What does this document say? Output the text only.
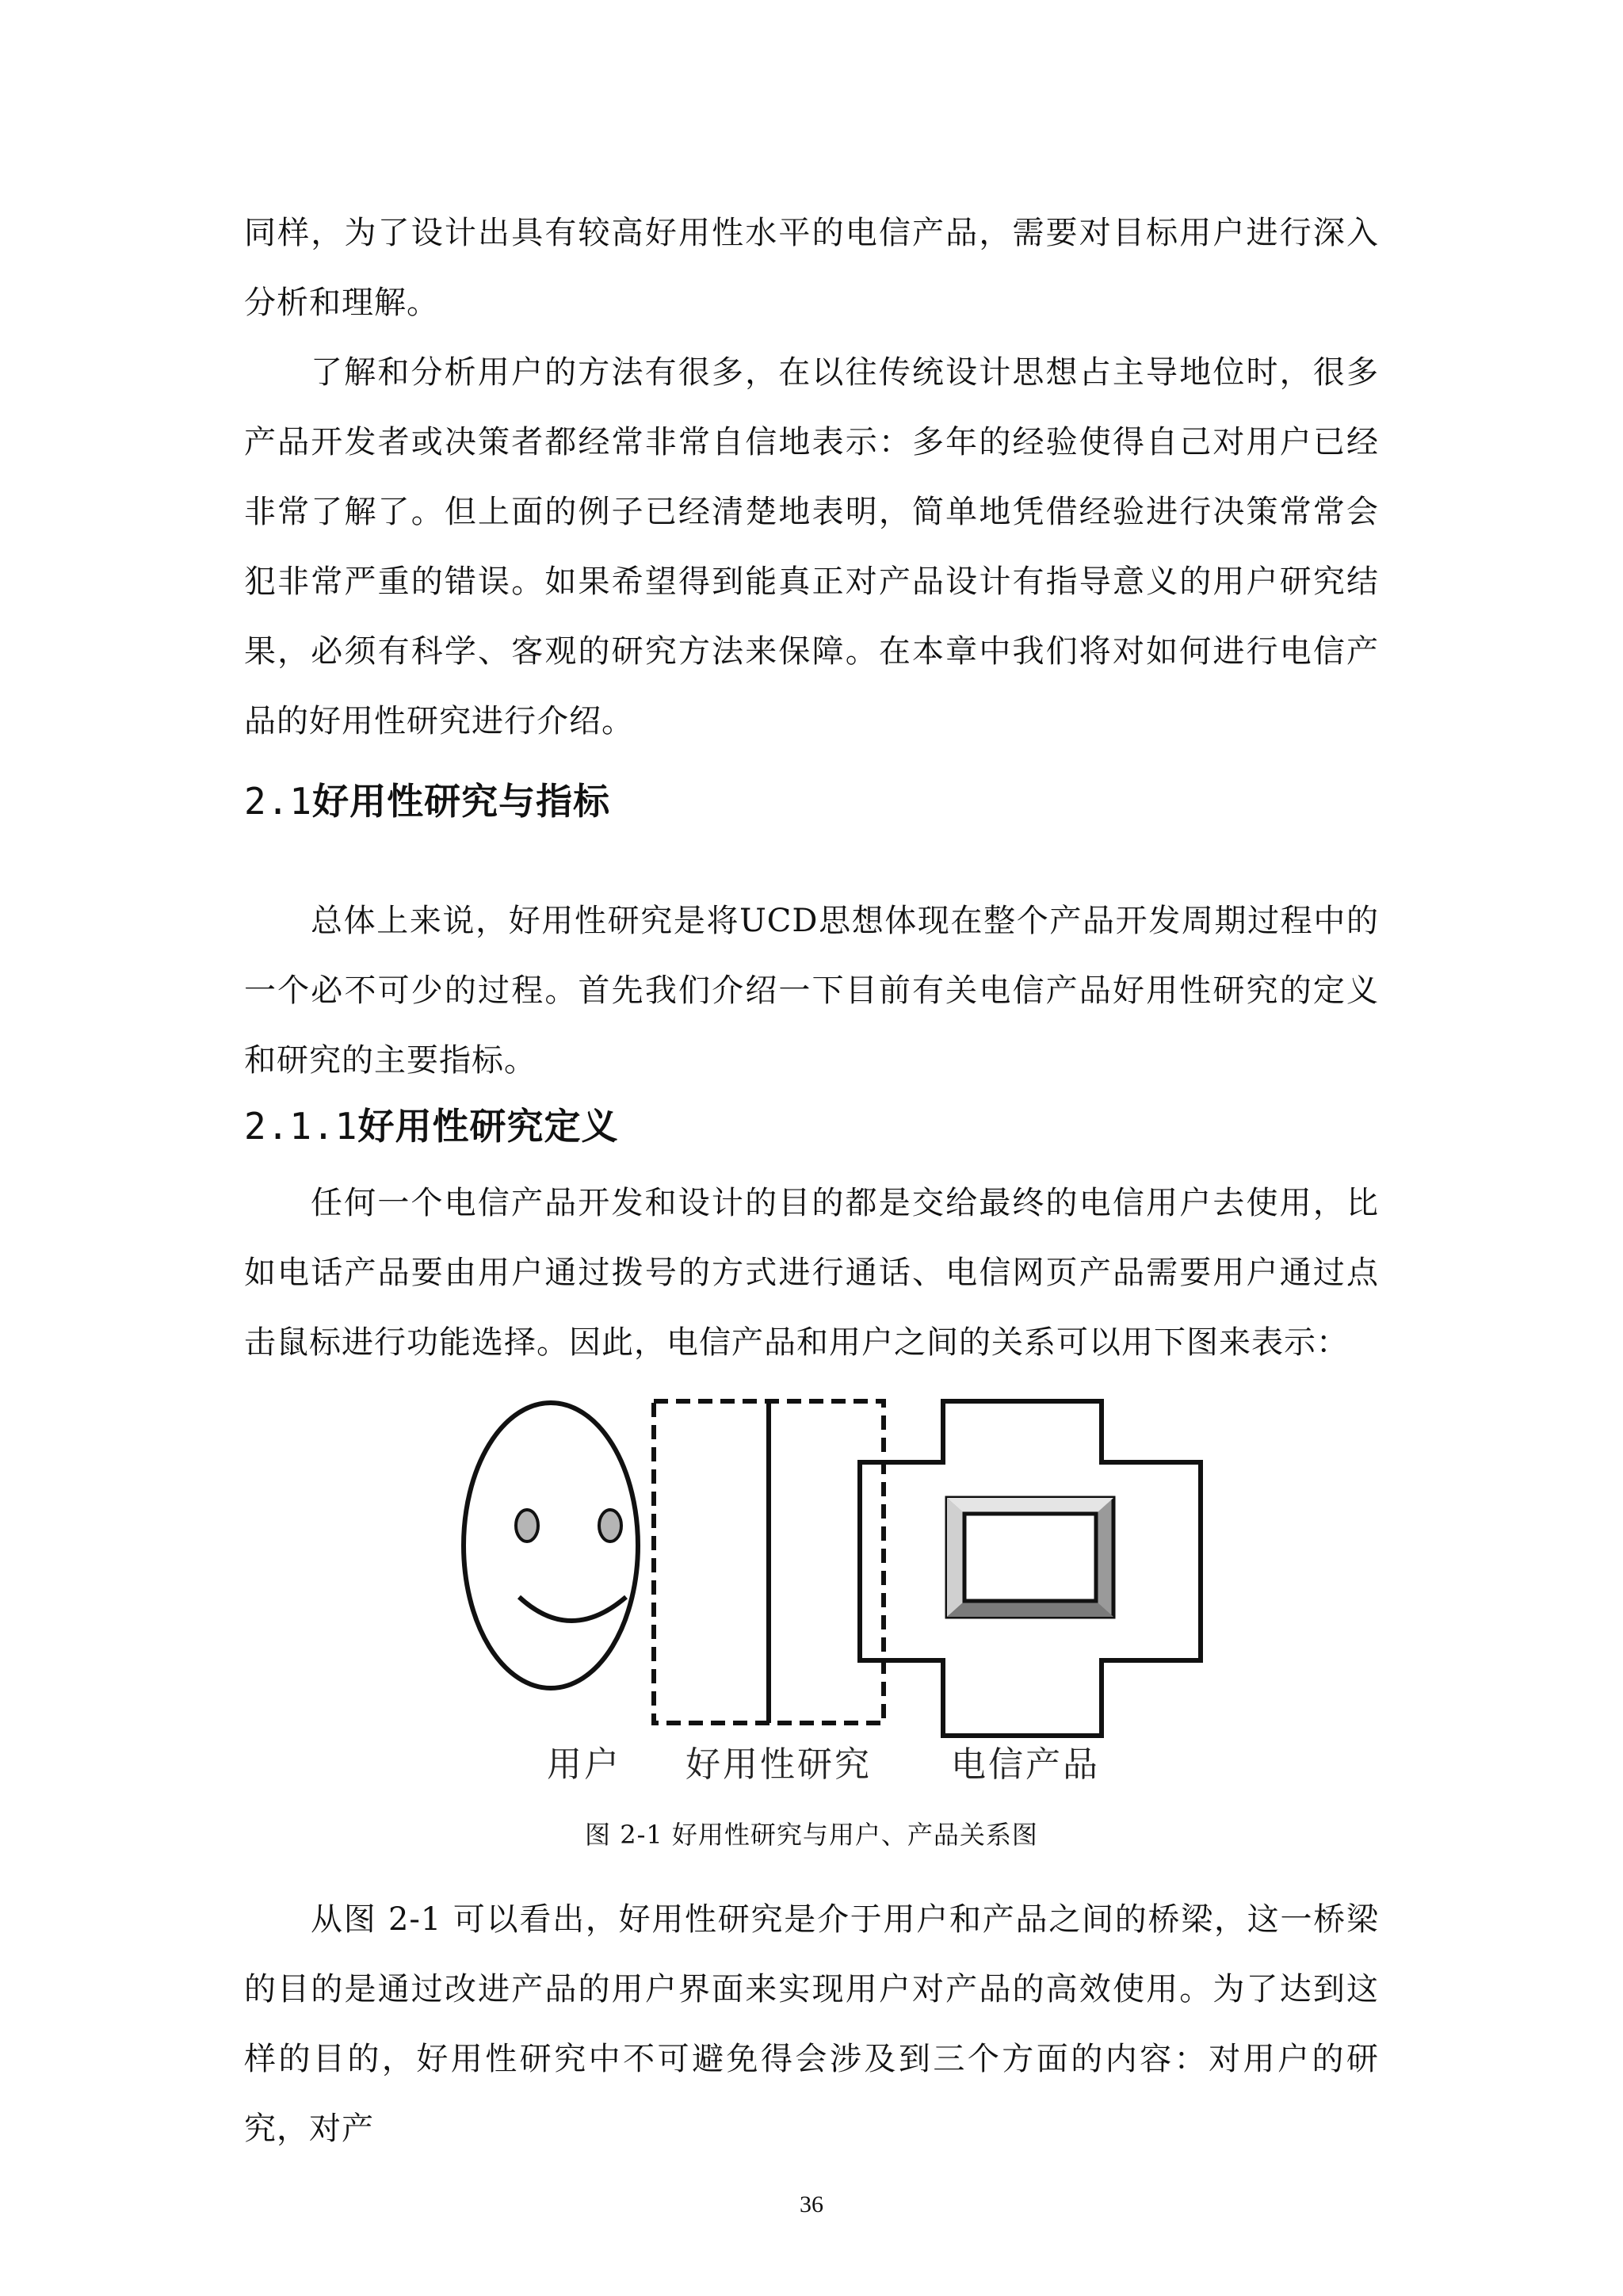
同样，为了设计出具有较高好用性水平的电信产品，需要对目标用户进行深入分析和理解。

了解和分析用户的方法有很多，在以往传统设计思想占主导地位时，很多产品开发者或决策者都经常非常自信地表示：多年的经验使得自己对用户已经非常了解了。但上面的例子已经清楚地表明，简单地凭借经验进行决策常常会犯非常严重的错误。如果希望得到能真正对产品设计有指导意义的用户研究结果，必须有科学、客观的研究方法来保障。在本章中我们将对如何进行电信产品的好用性研究进行介绍。

2.1好用性研究与指标

总体上来说，好用性研究是将UCD思想体现在整个产品开发周期过程中的一个必不可少的过程。首先我们介绍一下目前有关电信产品好用性研究的定义和研究的主要指标。

2.1.1好用性研究定义

任何一个电信产品开发和设计的目的都是交给最终的电信用户去使用，比如电话产品要由用户通过拨号的方式进行通话、电信网页产品需要用户通过点击鼠标进行功能选择。因此，电信产品和用户之间的关系可以用下图来表示：

用户 好用性研究 电信产品
图 2-1 好用性研究与用户、产品关系图

从图 2-1 可以看出，好用性研究是介于用户和产品之间的桥梁，这一桥梁的目的是通过改进产品的用户界面来实现用户对产品的高效使用。为了达到这样的目的，好用性研究中不可避免得会涉及到三个方面的内容：对用户的研究，对产

36
